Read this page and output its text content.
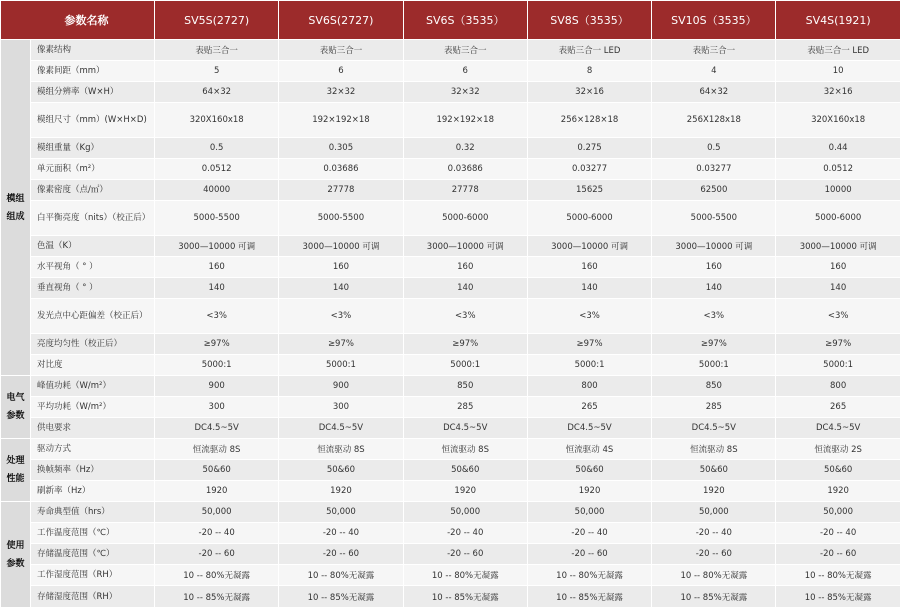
参数名称		SV5S(2727)	SV6S(2727)	SV6S（3535）	SV8S（3535）	SV10S（3535）	SV4S(1921)
模组
组成	像素结构	表贴三合一	表贴三合一	表贴三合一	表贴三合一 LED	表贴三合一	表贴三合一 LED
	像素间距（mm）	5	6	6	8	4	10
	模组分辨率（W×H）	64×32	32×32	32×32	32×16	64×32	32×16
	模组尺寸（mm）(W×H×D)	320X160x18	192×192×18	192×192×18	256×128×18	256X128x18	320X160x18
	模组重量（Kg）	0.5	0.305	0.32	0.275	0.5	0.44
	单元面积（m²）	0.0512	0.03686	0.03686	0.03277	0.03277	0.0512
	像素密度（点/㎡）	40000	27778	27778	15625	62500	10000
	白平衡亮度（nits）（校正后）	5000-5500	5000-5500	5000-6000	5000-6000	5000-5500	5000-6000
	色温（K）	3000—10000 可调	3000—10000 可调	3000—10000 可调	3000—10000 可调	3000—10000 可调	3000—10000 可调
	水平视角（ ° ）	160	160	160	160	160	160
	垂直视角（ ° ）	140	140	140	140	140	140
	发光点中心距偏差（校正后）	<3%	<3%	<3%	<3%	<3%	<3%
	亮度均匀性（校正后）	≥97%	≥97%	≥97%	≥97%	≥97%	≥97%
	对比度	5000:1	5000:1	5000:1	5000:1	5000:1	5000:1
电气
参数	峰值功耗（W/m²）	900	900	850	800	850	800
	平均功耗（W/m²）	300	300	285	265	285	265
	供电要求	DC4.5~5V	DC4.5~5V	DC4.5~5V	DC4.5~5V	DC4.5~5V	DC4.5~5V
处理
性能	驱动方式	恒流驱动 8S	恒流驱动 8S	恒流驱动 8S	恒流驱动 4S	恒流驱动 8S	恒流驱动 2S
	换帧频率（Hz）	50&60	50&60	50&60	50&60	50&60	50&60
	刷新率（Hz）	1920	1920	1920	1920	1920	1920
使用
参数	寿命典型值（hrs）	50,000	50,000	50,000	50,000	50,000	50,000
	工作温度范围（℃）	-20 -- 40	-20 -- 40	-20 -- 40	-20 -- 40	-20 -- 40	-20 -- 40
	存储温度范围（℃）	-20 -- 60	-20 -- 60	-20 -- 60	-20 -- 60	-20 -- 60	-20 -- 60
	工作湿度范围（RH）	10 -- 80%无凝露	10 -- 80%无凝露	10 -- 80%无凝露	10 -- 80%无凝露	10 -- 80%无凝露	10 -- 80%无凝露
	存储湿度范围（RH）	10 -- 85%无凝露	10 -- 85%无凝露	10 -- 85%无凝露	10 -- 85%无凝露	10 -- 85%无凝露	10 -- 85%无凝露
